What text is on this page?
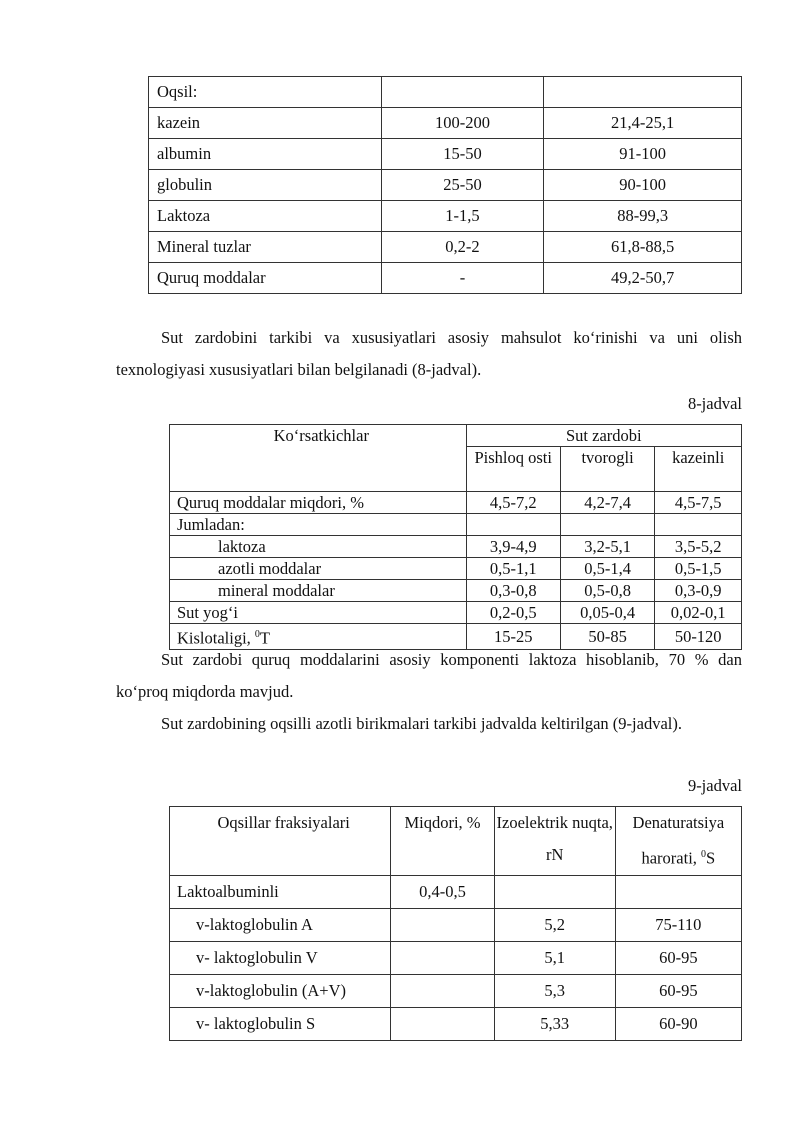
Oqsil:		
kazein	100-200	21,4-25,1
albumin	15-50	91-100
globulin	25-50	90-100
Laktoza	1-1,5	88-99,3
Mineral tuzlar	0,2-2	61,8-88,5
Quruq moddalar	-	49,2-50,7

Sut zardobini tarkibi va xususiyatlari asosiy mahsulot ko‘rinishi va uni olish texnologiyasi xususiyatlari bilan belgilanadi (8-jadval).

8-jadval
Ko‘rsatkichlar	Sut zardobi		
	Pishloq osti	tvorogli	kazeinli
Quruq moddalar miqdori, %	4,5-7,2	4,2-7,4	4,5-7,5
Jumladan:			
laktoza	3,9-4,9	3,2-5,1	3,5-5,2
azotli moddalar	0,5-1,1	0,5-1,4	0,5-1,5
mineral moddalar	0,3-0,8	0,5-0,8	0,3-0,9
Sut yog‘i	0,2-0,5	0,05-0,4	0,02-0,1
Kislotaligi, $^0$T	15-25	50-85	50-120

Sut zardobi quruq moddalarini asosiy komponenti laktoza hisoblanib, 70 % dan ko‘proq miqdorda mavjud.

Sut zardobining oqsilli azotli birikmalari tarkibi jadvalda keltirilgan (9-jadval).

9-jadval
Oqsillar fraksiyalari	Miqdori, %	Izoelektrik nuqta, rN	Denaturatsiya harorati, $^0$S
Laktoalbuminli	0,4-0,5		
v-laktoglobulin A		5,2	75-110
v- laktoglobulin V		5,1	60-95
v-laktoglobulin (A+V)		5,3	60-95
v- laktoglobulin S		5,33	60-90
